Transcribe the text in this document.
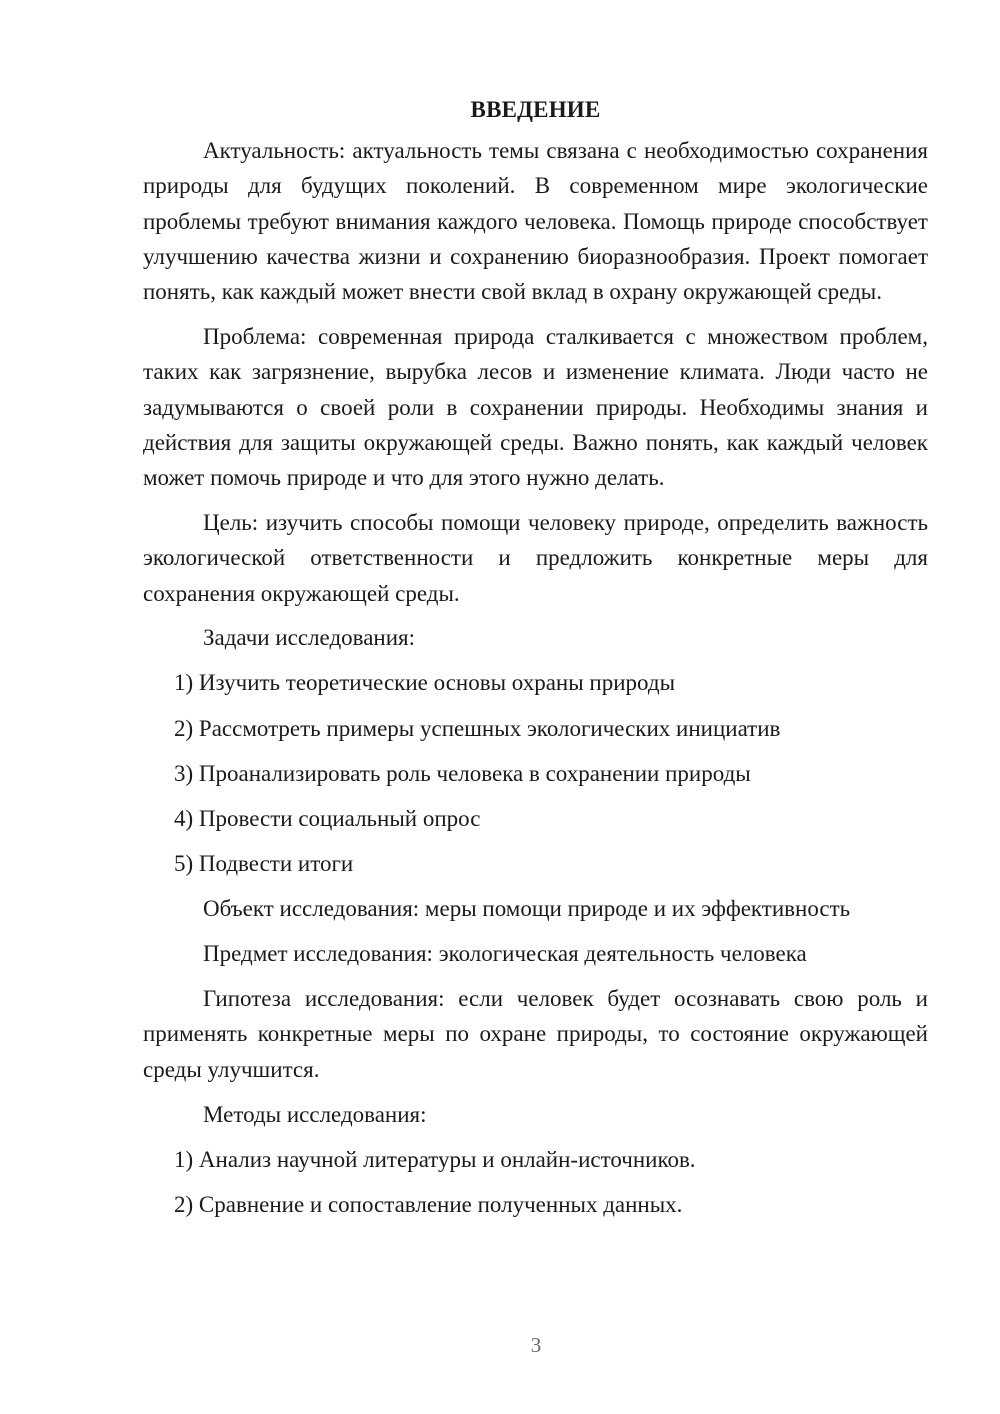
ВВЕДЕНИЕ

Актуальность: актуальность темы связана с необходимостью сохранения природы для будущих поколений. В современном мире экологические проблемы требуют внимания каждого человека. Помощь природе способствует улучшению качества жизни и сохранению биоразнообразия. Проект помогает понять, как каждый может внести свой вклад в охрану окружающей среды.

Проблема: современная природа сталкивается с множеством проблем, таких как загрязнение, вырубка лесов и изменение климата. Люди часто не задумываются о своей роли в сохранении природы. Необходимы знания и действия для защиты окружающей среды. Важно понять, как каждый человек может помочь природе и что для этого нужно делать.

Цель: изучить способы помощи человеку природе, определить важность экологической ответственности и предложить конкретные меры для сохранения окружающей среды.

Задачи исследования:
1) Изучить теоретические основы охраны природы
2) Рассмотреть примеры успешных экологических инициатив
3) Проанализировать роль человека в сохранении природы
4) Провести социальный опрос
5) Подвести итоги
Объект исследования: меры помощи природе и их эффективность
Предмет исследования: экологическая деятельность человека

Гипотеза исследования: если человек будет осознавать свою роль и применять конкретные меры по охране природы, то состояние окружающей среды улучшится.

Методы исследования:
1) Анализ научной литературы и онлайн-источников.
2) Сравнение и сопоставление полученных данных.
3
